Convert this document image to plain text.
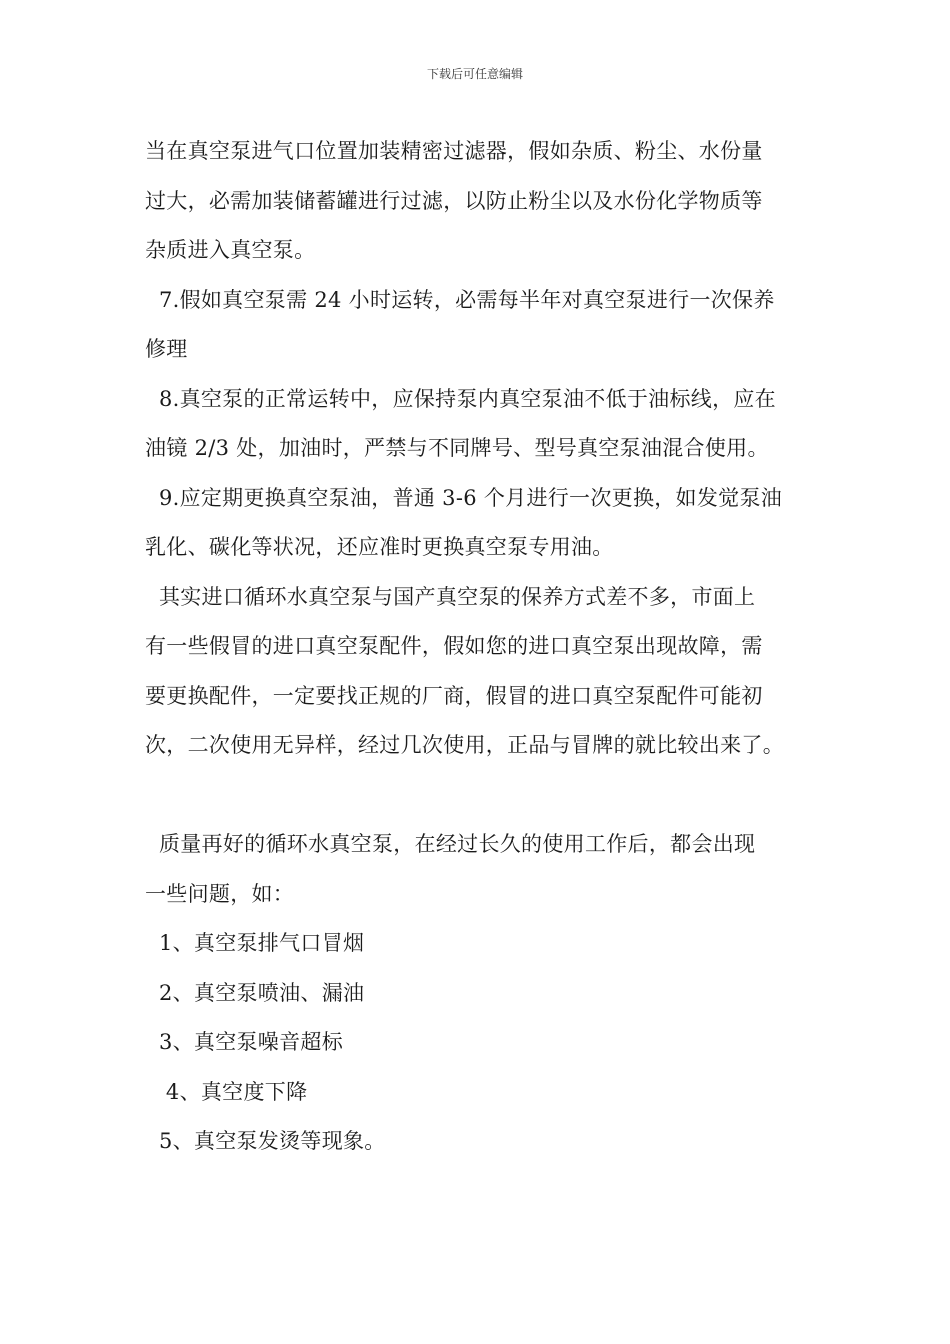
下载后可任意编辑
当在真空泵进气口位置加装精密过滤器，假如杂质、粉尘、水份量
过大，必需加装储蓄罐进行过滤，以防止粉尘以及水份化学物质等
杂质进入真空泵。
7.假如真空泵需 24 小时运转，必需每半年对真空泵进行一次保养
修理
8.真空泵的正常运转中，应保持泵内真空泵油不低于油标线，应在
油镜 2/3 处，加油时，严禁与不同牌号、型号真空泵油混合使用。
9.应定期更换真空泵油，普通 3-6 个月进行一次更换，如发觉泵油
乳化、碳化等状况，还应准时更换真空泵专用油。
其实进口循环水真空泵与国产真空泵的保养方式差不多，市面上
有一些假冒的进口真空泵配件，假如您的进口真空泵出现故障，需
要更换配件，一定要找正规的厂商，假冒的进口真空泵配件可能初
次，二次使用无异样，经过几次使用，正品与冒牌的就比较出来了。
质量再好的循环水真空泵，在经过长久的使用工作后，都会出现
一些问题，如：
1、真空泵排气口冒烟
2、真空泵喷油、漏油
3、真空泵噪音超标
4、真空度下降
5、真空泵发烫等现象。
